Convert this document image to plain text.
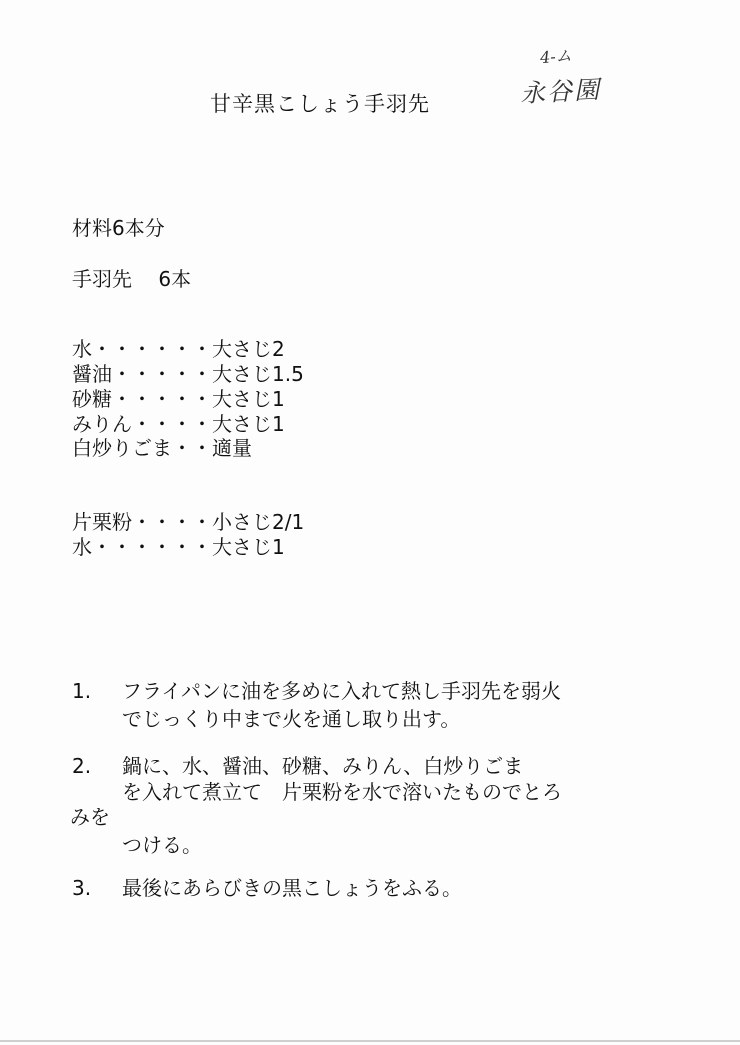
甘辛黒こしょう手羽先
4-ム
永谷園
材料6本分
手羽先　 6本
水・・・・・・大さじ2
醤油・・・・・大さじ1.5
砂糖・・・・・大さじ1
みりん・・・・大さじ1
白炒りごま・・適量
片栗粉・・・・小さじ2/1
水・・・・・・大さじ1
1. フライパンに油を多めに入れて熱し手羽先を弱火
でじっくり中まで火を通し取り出す。
2. 鍋に、水、醤油、砂糖、みりん、白炒りごま
を入れて煮立て　片栗粉を水で溶いたものでとろ
みを
つける。
3. 最後にあらびきの黒こしょうをふる。
